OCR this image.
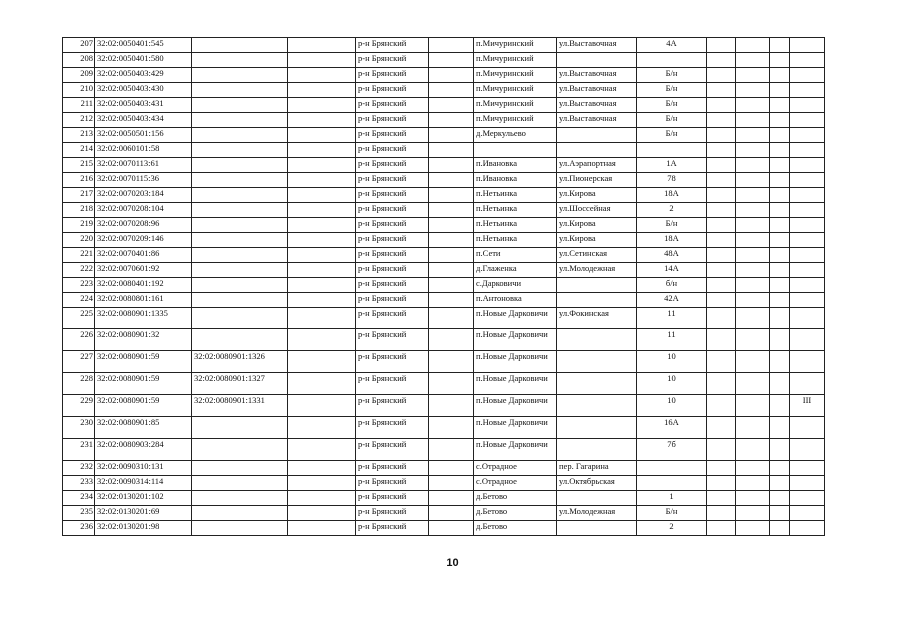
207	32:02:0050401:545			р-н Брянский		п.Мичуринский	ул.Выставочная	4А				
208	32:02:0050401:580			р-н Брянский		п.Мичуринский						
209	32:02:0050403:429			р-н Брянский		п.Мичуринский	ул.Выставочная	Б/н				
210	32:02:0050403:430			р-н Брянский		п.Мичуринский	ул.Выставочная	Б/н				
211	32:02:0050403:431			р-н Брянский		п.Мичуринский	ул.Выставочная	Б/н				
212	32:02:0050403:434			р-н Брянский		п.Мичуринский	ул.Выставочная	Б/н				
213	32:02:0050501:156			р-н Брянский		д.Меркульево		Б/н				
214	32:02:0060101:58			р-н Брянский								
215	32:02:0070113:61			р-н Брянский		п.Ивановка	ул.Аэрапортная	1А				
216	32:02:0070115:36			р-н Брянский		п.Ивановка	ул.Пионерская	78				
217	32:02:0070203:184			р-н Брянский		п.Нетьинка	ул.Кирова	18А				
218	32:02:0070208:104			р-н Брянский		п.Нетьинка	ул.Шоссейная	2				
219	32:02:0070208:96			р-н Брянский		п.Нетьинка	ул.Кирова	Б/н				
220	32:02:0070209:146			р-н Брянский		п.Нетьинка	ул.Кирова	18А				
221	32:02:0070401:86			р-н Брянский		п.Сети	ул.Сетинская	48А				
222	32:02:0070601:92			р-н Брянский		д.Глаженка	ул.Молодежная	14А				
223	32:02:0080401:192			р-н Брянский		с.Дарковичи		б/н				
224	32:02:0080801:161			р-н Брянский		п.Антоновка		42А				
225	32:02:0080901:1335			р-н Брянский		п.Новые Дарковичи	ул.Фокинская	11				
226	32:02:0080901:32			р-н Брянский		п.Новые Дарковичи		11				
227	32:02:0080901:59	32:02:0080901:1326		р-н Брянский		п.Новые Дарковичи		10				
228	32:02:0080901:59	32:02:0080901:1327		р-н Брянский		п.Новые Дарковичи		10				
229	32:02:0080901:59	32:02:0080901:1331		р-н Брянский		п.Новые Дарковичи		10				III
230	32:02:0080901:85			р-н Брянский		п.Новые Дарковичи		16А				
231	32:02:0080903:284			р-н Брянский		п.Новые Дарковичи		7б				
232	32:02:0090310:131			р-н Брянский		с.Отрадное	пер. Гагарина					
233	32:02:0090314:114			р-н Брянский		с.Отрадное	ул.Октябрьская					
234	32:02:0130201:102			р-н Брянский		д.Бетово		1				
235	32:02:0130201:69			р-н Брянский		д.Бетово	ул.Молодежная	Б/н				
236	32:02:0130201:98			р-н Брянский		д.Бетово		2				
10
